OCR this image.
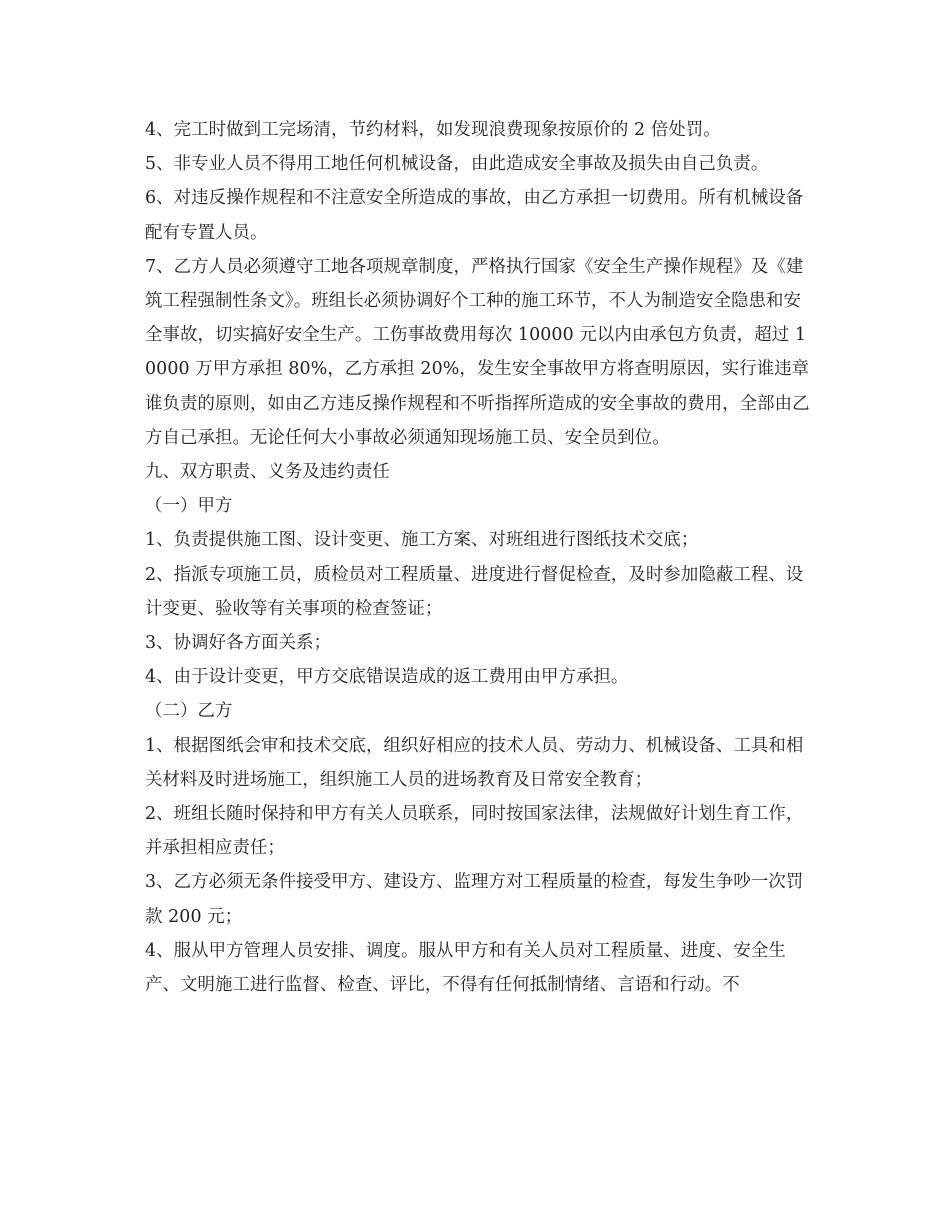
4、完工时做到工完场清，节约材料，如发现浪费现象按原价的 2 倍处罚。

5、非专业人员不得用工地任何机械设备，由此造成安全事故及损失由自己负责。

6、对违反操作规程和不注意安全所造成的事故，由乙方承担一切费用。所有机械设备配有专置人员。

7、乙方人员必须遵守工地各项规章制度，严格执行国家《安全生产操作规程》及《建筑工程强制性条文》。班组长必须协调好个工种的施工环节，不人为制造安全隐患和安全事故，切实搞好安全生产。工伤事故费用每次 10000 元以内由承包方负责，超过 10000 万甲方承担 80%，乙方承担 20%，发生安全事故甲方将查明原因，实行谁违章谁负责的原则，如由乙方违反操作规程和不听指挥所造成的安全事故的费用，全部由乙方自己承担。无论任何大小事故必须通知现场施工员、安全员到位。

九、双方职责、义务及违约责任

（一）甲方

1、负责提供施工图、设计变更、施工方案、对班组进行图纸技术交底；

2、指派专项施工员，质检员对工程质量、进度进行督促检查，及时参加隐蔽工程、设计变更、验收等有关事项的检查签证；

3、协调好各方面关系；

4、由于设计变更，甲方交底错误造成的返工费用由甲方承担。

（二）乙方

1、根据图纸会审和技术交底，组织好相应的技术人员、劳动力、机械设备、工具和相关材料及时进场施工，组织施工人员的进场教育及日常安全教育；

2、班组长随时保持和甲方有关人员联系，同时按国家法律，法规做好计划生育工作，并承担相应责任；

3、乙方必须无条件接受甲方、建设方、监理方对工程质量的检查，每发生争吵一次罚款 200 元；

4、服从甲方管理人员安排、调度。服从甲方和有关人员对工程质量、进度、安全生产、文明施工进行监督、检查、评比，不得有任何抵制情绪、言语和行动。不
